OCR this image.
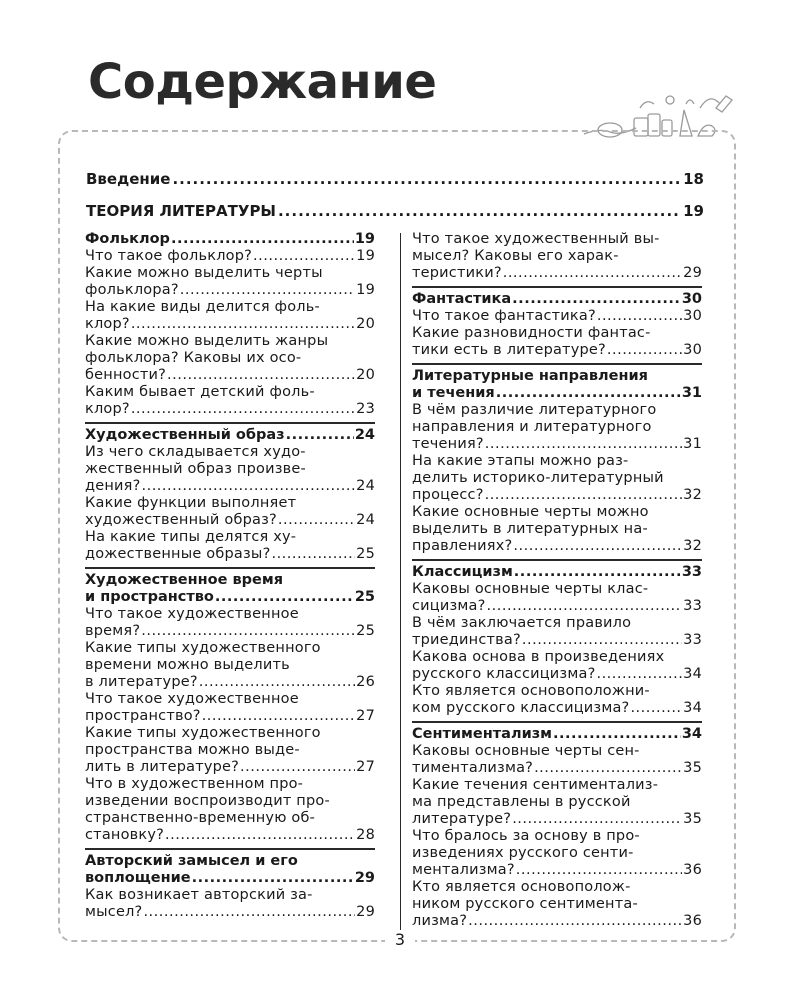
Содержание
Введение .....	18
ТЕОРИЯ ЛИТЕРАТУРЫ .....	19
Фольклор .....	19
Что такое фольклор? .....	19
Какие можно выделить черты
фольклора? .....	19
На какие виды делится фоль-
клор? .....	20
Какие можно выделить жанры
фольклора? Каковы их осо-
бенности? .....	20
Каким бывает детский фоль-
клор? .....	23
Художественный образ .....	24
Из чего складывается худо-
жественный образ произве-
дения? .....	24
Какие функции выполняет
художественный образ? .....	24
На какие типы делятся ху-
дожественные образы? .....	25
Художественное время
и пространство .....	25
Что такое художественное
время? .....	25
Какие типы художественного
времени можно выделить
в литературе? .....	26
Что такое художественное
пространство? .....	27
Какие типы художественного
пространства можно выде-
лить в литературе? .....	27
Что в художественном про-
изведении воспроизводит про-
странственно-временную об-
становку? .....	28
Авторский замысел и его
воплощение .....	29
Как возникает авторский за-
мысел? .....	29
Что такое художественный вы-
мысел? Каковы его харак-
теристики? .....	29
Фантастика .....	30
Что такое фантастика? .....	30
Какие разновидности фантас-
тики есть в литературе? .....	30
Литературные направления
и течения .....	31
В чём различие литературного
направления и литературного
течения? .....	31
На какие этапы можно раз-
делить историко-литературный
процесс? .....	32
Какие основные черты можно
выделить в литературных на-
правлениях? .....	32
Классицизм .....	33
Каковы основные черты клас-
сицизма? .....	33
В чём заключается правило
триединства? .....	33
Какова основа в произведениях
русского классицизма? .....	34
Кто является основоположни-
ком русского классицизма? .....	34
Сентиментализм .....	34
Каковы основные черты сен-
тиментализма? .....	35
Какие течения сентиментализ-
ма представлены в русской
литературе? .....	35
Что бралось за основу в про-
изведениях русского сенти-
ментализма? .....	36
Кто является основополож-
ником русского сентимента-
лизма? .....	36
3
